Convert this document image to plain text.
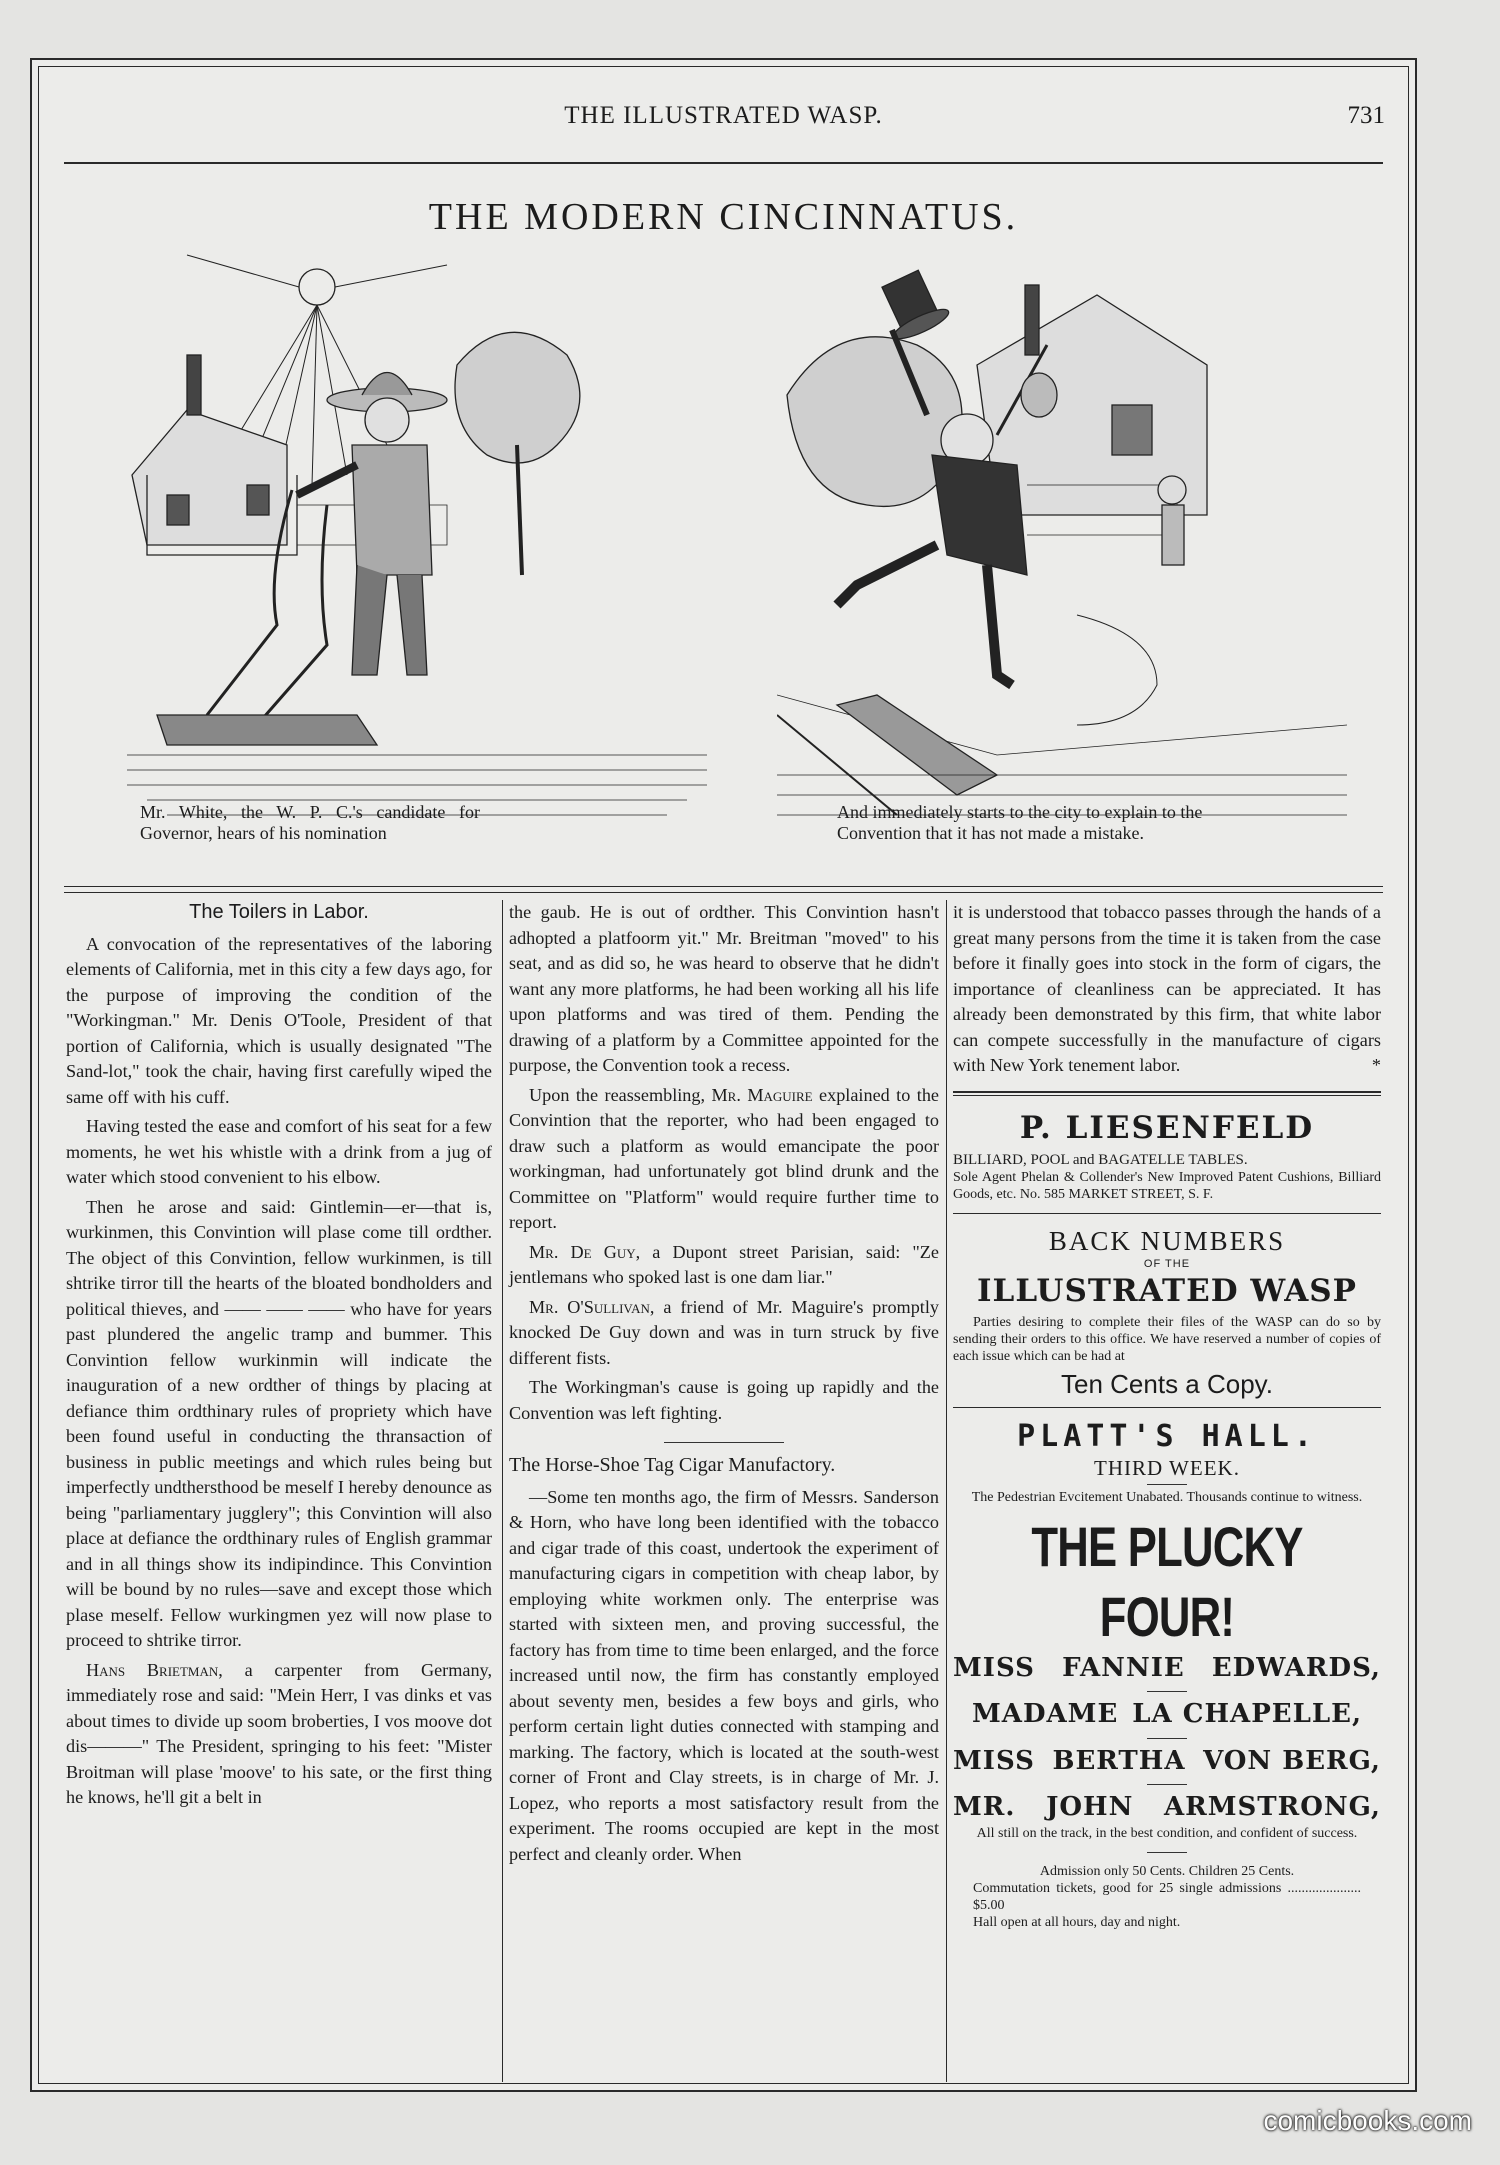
THE ILLUSTRATED WASP.	731
THE MODERN CINCINNATUS.
Mr. White, the W. P. C.'s candidate for Governor, hears of his nomination
And immediately starts to the city to explain to the Convention that it has not made a mistake.
The Toilers in Labor.

A convocation of the representatives of the laboring elements of California, met in this city a few days ago, for the purpose of improving the condition of the "Workingman." Mr. Denis O'Toole, President of that portion of California, which is usually designated "The Sand-lot," took the chair, having first carefully wiped the same off with his cuff.

Having tested the ease and comfort of his seat for a few moments, he wet his whistle with a drink from a jug of water which stood convenient to his elbow.

Then he arose and said: Gintlemin—er—that is, wurkinmen, this Convintion will plase come till ordther. The object of this Convintion, fellow wurkinmen, is till shtrike tirror till the hearts of the bloated bondholders and political thieves, and —— —— —— who have for years past plundered the angelic tramp and bummer. This Convintion fellow wurkinmin will indicate the inauguration of a new ordther of things by placing at defiance thim ordthinary rules of propriety which have been found useful in conducting the thransaction of business in public meetings and which rules being but imperfectly undthersthood be meself I hereby denounce as being "parliamentary jugglery"; this Convintion will also place at defiance the ordthinary rules of English grammar and in all things show its indipindince. This Convintion will be bound by no rules—save and except those which plase meself. Fellow wurkingmen yez will now plase to proceed to shtrike tirror.

Hans Brietman, a carpenter from Germany, immediately rose and said: "Mein Herr, I vas dinks et vas about times to divide up soom broberties, I vos moove dot dis———" The President, springing to his feet: "Mister Broitman will plase 'moove' to his sate, or the first thing he knows, he'll git a belt in

the gaub. He is out of ordther. This Convintion hasn't adhopted a platfoorm yit." Mr. Breitman "moved" to his seat, and as did so, he was heard to observe that he didn't want any more platforms, he had been working all his life upon platforms and was tired of them. Pending the drawing of a platform by a Committee appointed for the purpose, the Convention took a recess.

Upon the reassembling, Mr. Maguire explained to the Convintion that the reporter, who had been engaged to draw such a platform as would emancipate the poor workingman, had unfortunately got blind drunk and the Committee on "Platform" would require further time to report.

Mr. De Guy, a Dupont street Parisian, said: "Ze jentlemans who spoked last is one dam liar."

Mr. O'Sullivan, a friend of Mr. Maguire's promptly knocked De Guy down and was in turn struck by five different fists.

The Workingman's cause is going up rapidly and the Convention was left fighting.

The Horse-Shoe Tag Cigar Manufactory.

—Some ten months ago, the firm of Messrs. Sanderson & Horn, who have long been identified with the tobacco and cigar trade of this coast, undertook the experiment of manufacturing cigars in competition with cheap labor, by employing white workmen only. The enterprise was started with sixteen men, and proving successful, the factory has from time to time been enlarged, and the force increased until now, the firm has constantly employed about seventy men, besides a few boys and girls, who perform certain light duties connected with stamping and marking. The factory, which is located at the south-west corner of Front and Clay streets, is in charge of Mr. J. Lopez, who reports a most satisfactory result from the experiment. The rooms occupied are kept in the most perfect and cleanly order. When

it is understood that tobacco passes through the hands of a great many persons from the time it is taken from the case before it finally goes into stock in the form of cigars, the importance of cleanliness can be appreciated. It has already been demonstrated by this firm, that white labor can compete successfully in the manufacture of cigars with New York tenement labor.	*

P. LIESENFELD
BILLIARD, POOL and BAGATELLE TABLES.
Sole Agent Phelan & Collender's New Improved Patent Cushions, Billiard Goods, etc. No. 585 MARKET STREET, S. F.
BACK NUMBERS
OF THE
ILLUSTRATED WASP
Parties desiring to complete their files of the WASP can do so by sending their orders to this office. We have reserved a number of copies of each issue which can be had at
Ten Cents a Copy.
PLATT'S HALL.
THIRD WEEK.
The Pedestrian Evcitement Unabated. Thousands continue to witness.
THE PLUCKY FOUR!
MISS FANNIE EDWARDS,
MADAME LA CHAPELLE,
MISS BERTHA VON BERG,
MR. JOHN ARMSTRONG,
All still on the track, in the best condition, and confident of success.
Admission only 50 Cents. Children 25 Cents.
Commutation tickets, good for 25 single admissions ..................... $5.00
Hall open at all hours, day and night.
comicbooks.com
